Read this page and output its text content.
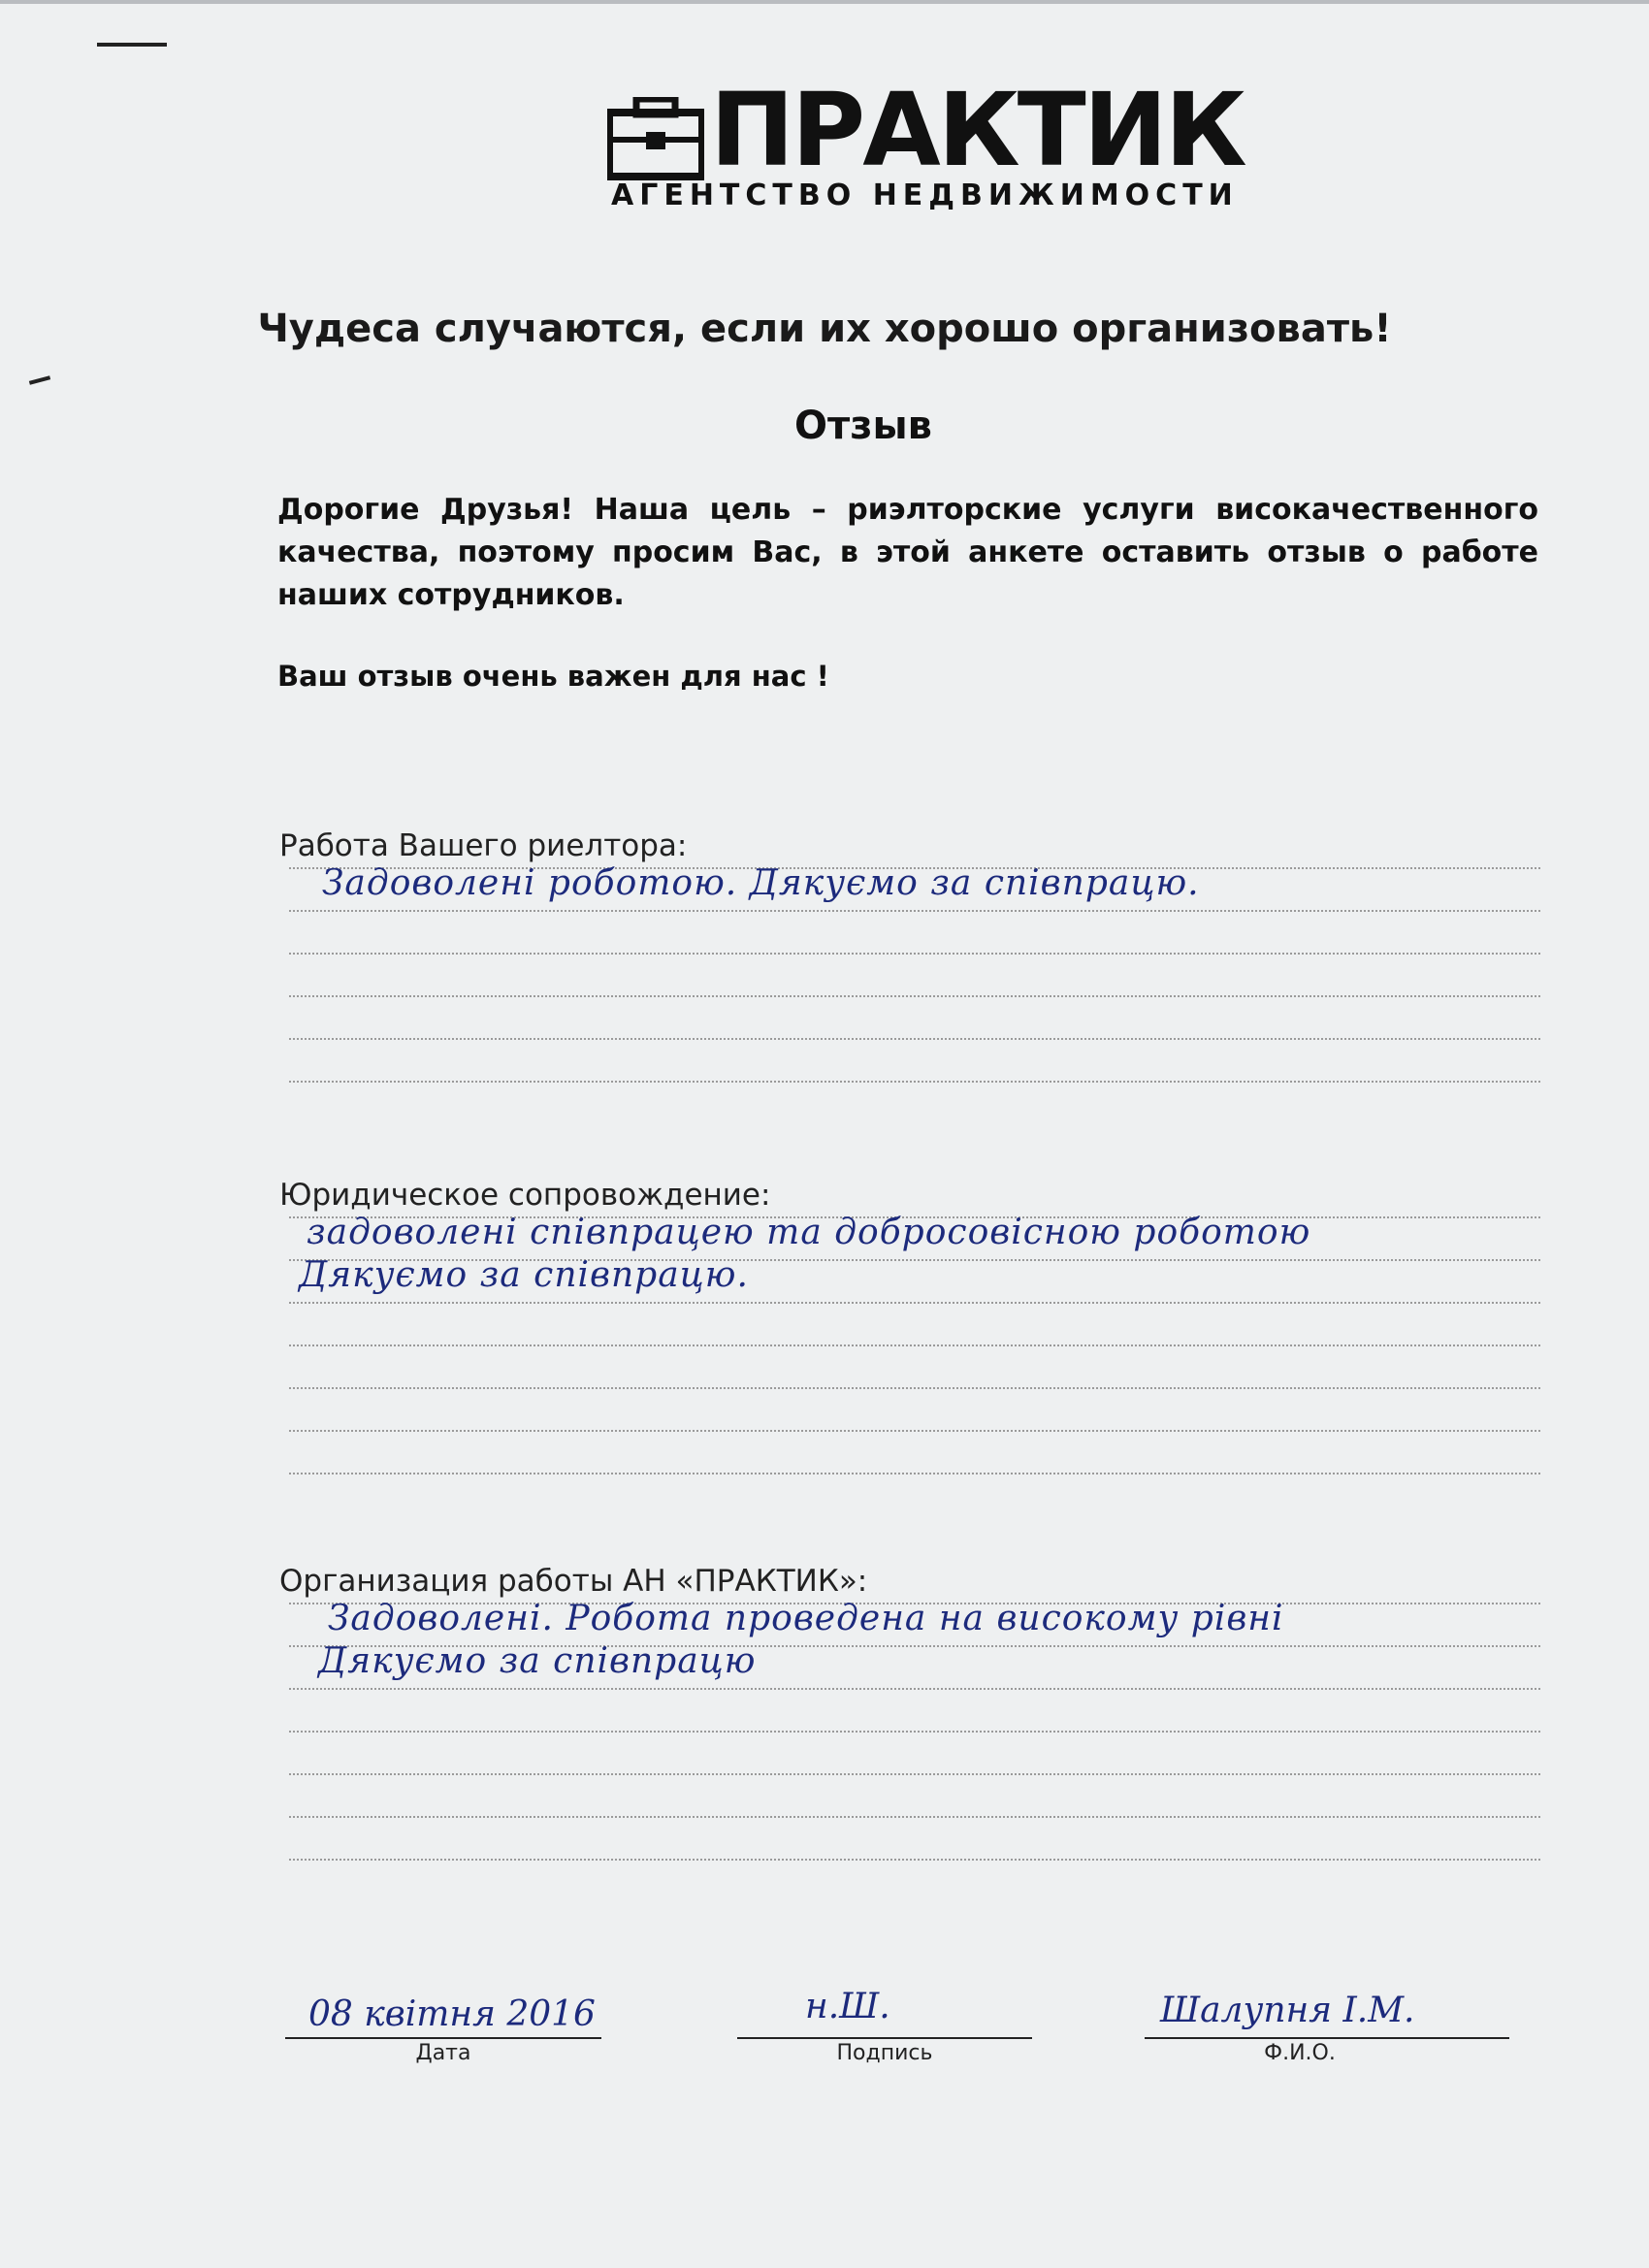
ПРАКТИК
АГЕНТСТВО НЕДВИЖИМОСТИ
Чудеса случаются, если их хорошо организовать!
Отзыв
Дорогие Друзья! Наша цель – риэлторские услуги високачественного качества, поэтому просим Вас, в этой анкете оставить отзыв о работе наших сотрудников.
Ваш отзыв очень важен для нас !
Работа Вашего риелтора:
Задоволені роботою. Дякуємо за співпрацю.
Юридическое сопровождение:
задоволені співпрацею та добросовісною роботою
Дякуємо за співпрацю.
Организация работы АН «ПРАКТИК»:
Задоволені. Робота проведена на високому рівні
Дякуємо за співпрацю
08 квітня 2016
Дата
н.Ш.
Подпись
Шалупня І.М.
Ф.И.О.
